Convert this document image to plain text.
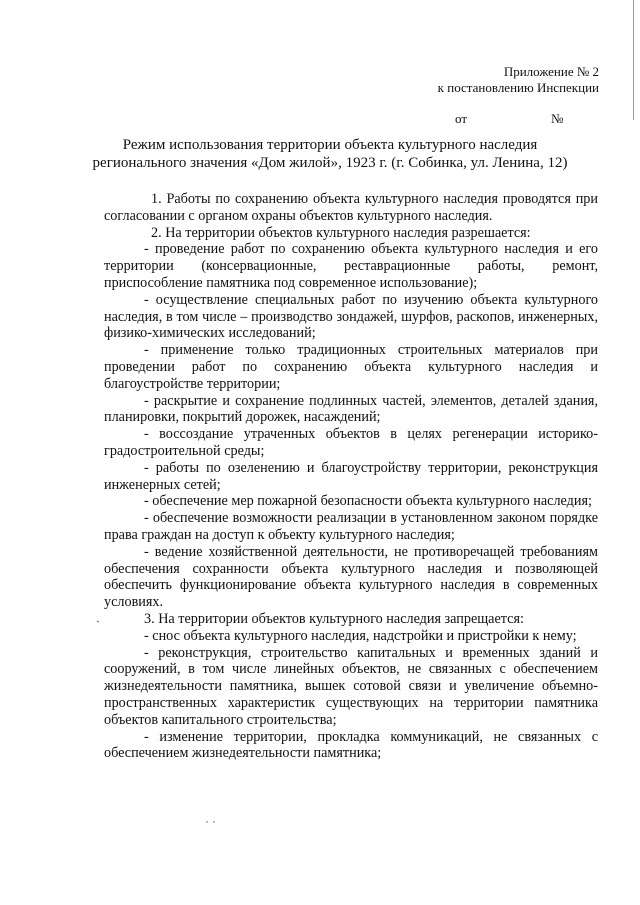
Приложение № 2
к постановлению Инспекции
от	№
Режим использования территории объекта культурного наследия
регионального значения «Дом жилой», 1923 г. (г. Собинка, ул. Ленина, 12)

1. Работы по сохранению объекта культурного наследия проводятся при согласовании с органом охраны объектов культурного наследия.

2. На территории объектов культурного наследия разрешается:

- проведение работ по сохранению объекта культурного наследия и его территории (консервационные, реставрационные работы, ремонт, приспособление памятника под современное использование);

- осуществление специальных работ по изучению объекта культурного наследия, в том числе – производство зондажей, шурфов, раскопов, инженерных, физико-химических исследований;

- применение только традиционных строительных материалов при проведении работ по сохранению объекта культурного наследия и благоустройстве территории;

- раскрытие и сохранение подлинных частей, элементов, деталей здания, планировки, покрытий дорожек, насаждений;

- воссоздание утраченных объектов в целях регенерации историко-градостроительной среды;

- работы по озеленению и благоустройству территории, реконструкция инженерных сетей;

- обеспечение мер пожарной безопасности объекта культурного наследия;

- обеспечение возможности реализации в установленном законом порядке права граждан на доступ к объекту культурного наследия;

- ведение хозяйственной деятельности, не противоречащей требованиям обеспечения сохранности объекта культурного наследия и позволяющей обеспечить функционирование объекта культурного наследия в современных условиях.

3. На территории объектов культурного наследия запрещается:

- снос объекта культурного наследия, надстройки и пристройки к нему;

- реконструкция, строительство капитальных и временных зданий и сооружений, в том числе линейных объектов, не связанных с обеспечением жизнедеятельности памятника, вышек сотовой связи и увеличение объемно-пространственных характеристик существующих на территории памятника объектов капитального строительства;

- изменение территории, прокладка коммуникаций, не связанных с обеспечением жизнедеятельности памятника;

ˋ
˙ ˙
